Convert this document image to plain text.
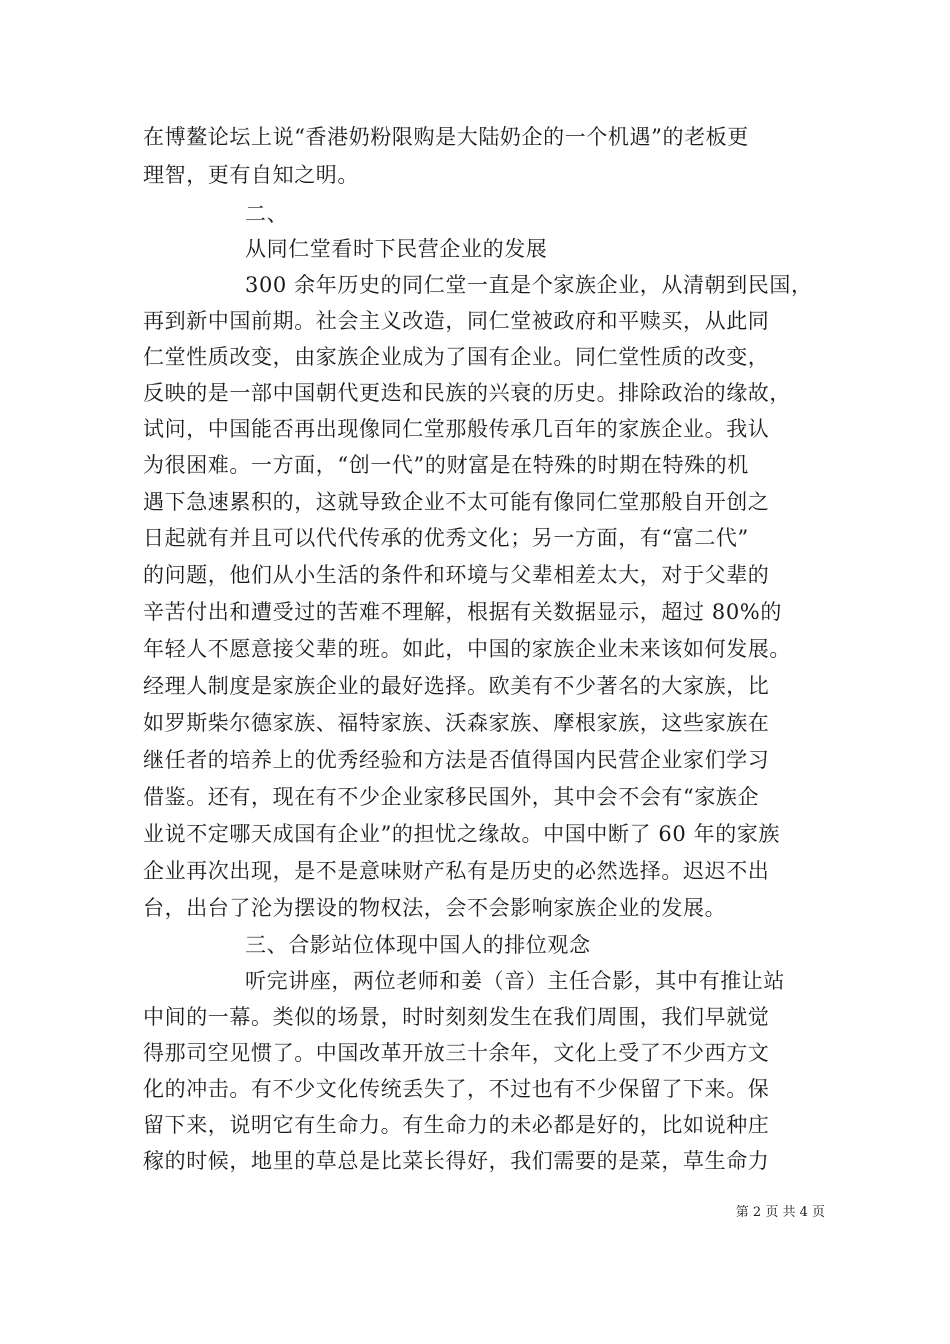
在博鳌论坛上说“香港奶粉限购是大陆奶企的一个机遇”的老板更
理智，更有自知之明。
二、
从同仁堂看时下民营企业的发展
300 余年历史的同仁堂一直是个家族企业，从清朝到民国，
再到新中国前期。社会主义改造，同仁堂被政府和平赎买，从此同
仁堂性质改变，由家族企业成为了国有企业。同仁堂性质的改变，
反映的是一部中国朝代更迭和民族的兴衰的历史。排除政治的缘故，
试问，中国能否再出现像同仁堂那般传承几百年的家族企业。我认
为很困难。一方面，“创一代”的财富是在特殊的时期在特殊的机
遇下急速累积的，这就导致企业不太可能有像同仁堂那般自开创之
日起就有并且可以代代传承的优秀文化；另一方面，有“富二代”
的问题，他们从小生活的条件和环境与父辈相差太大，对于父辈的
辛苦付出和遭受过的苦难不理解，根据有关数据显示，超过 80%的
年轻人不愿意接父辈的班。如此，中国的家族企业未来该如何发展。
经理人制度是家族企业的最好选择。欧美有不少著名的大家族，比
如罗斯柴尔德家族、福特家族、沃森家族、摩根家族，这些家族在
继任者的培养上的优秀经验和方法是否值得国内民营企业家们学习
借鉴。还有，现在有不少企业家移民国外，其中会不会有“家族企
业说不定哪天成国有企业”的担忧之缘故。中国中断了 60 年的家族
企业再次出现，是不是意味财产私有是历史的必然选择。迟迟不出
台，出台了沦为摆设的物权法，会不会影响家族企业的发展。
三、合影站位体现中国人的排位观念
听完讲座，两位老师和姜（音）主任合影，其中有推让站
中间的一幕。类似的场景，时时刻刻发生在我们周围，我们早就觉
得那司空见惯了。中国改革开放三十余年，文化上受了不少西方文
化的冲击。有不少文化传统丢失了，不过也有不少保留了下来。保
留下来，说明它有生命力。有生命力的未必都是好的，比如说种庄
稼的时候，地里的草总是比菜长得好，我们需要的是菜，草生命力
第 2 页 共 4 页
